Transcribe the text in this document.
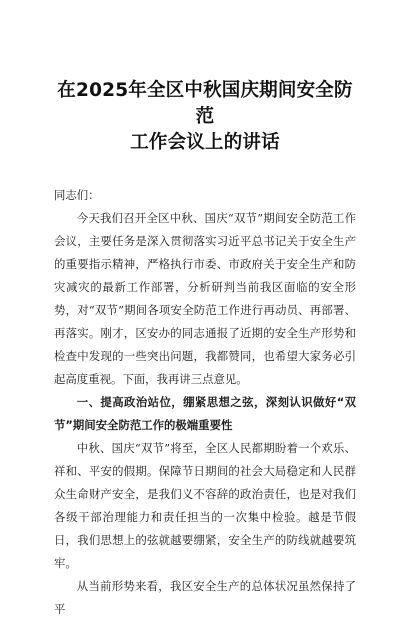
在2025年全区中秋国庆期间安全防范
工作会议上的讲话

同志们：

今天我们召开全区中秋、国庆“双节”期间安全防范工作会议，主要任务是深入贯彻落实习近平总书记关于安全生产的重要指示精神，严格执行市委、市政府关于安全生产和防灾减灾的最新工作部署，分析研判当前我区面临的安全形势，对“双节”期间各项安全防范工作进行再动员、再部署、再落实。刚才，区安办的同志通报了近期的安全生产形势和检查中发现的一些突出问题，我都赞同，也希望大家务必引起高度重视。下面，我再讲三点意见。

一、提高政治站位，绷紧思想之弦，深刻认识做好“双节”期间安全防范工作的极端重要性

中秋、国庆“双节”将至，全区人民都期盼着一个欢乐、祥和、平安的假期。保障节日期间的社会大局稳定和人民群众生命财产安全，是我们义不容辞的政治责任，也是对我们各级干部治理能力和责任担当的一次集中检验。越是节假日，我们思想上的弦就越要绷紧，安全生产的防线就越要筑牢。

从当前形势来看，我区安全生产的总体状况虽然保持了平
